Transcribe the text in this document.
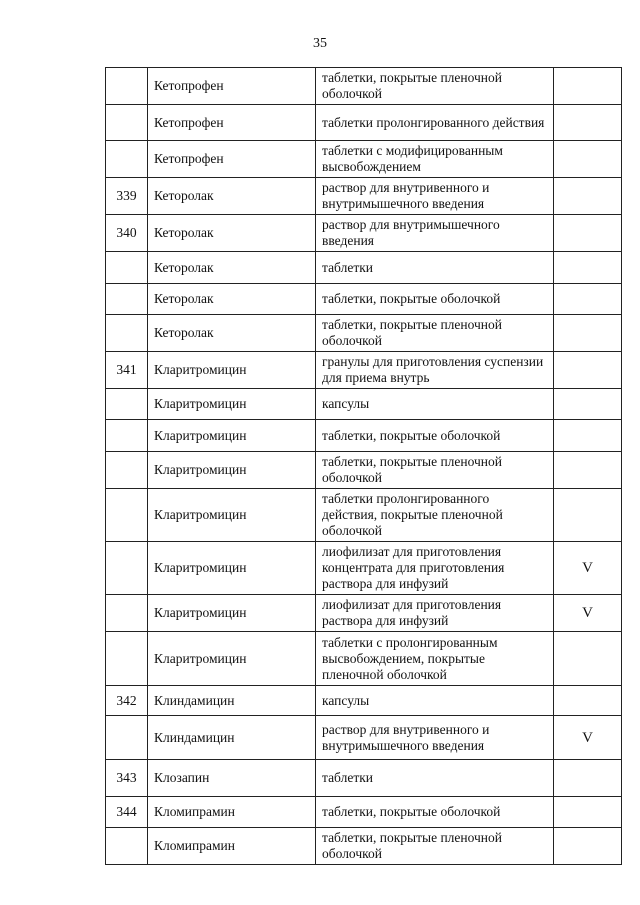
35
	Кетопрофен	таблетки, покрытые пленочной оболочкой	
	Кетопрофен	таблетки пролонгированного действия	
	Кетопрофен	таблетки с модифицированным высвобождением	
339	Кеторолак	раствор для внутривенного и внутримышечного введения	
340	Кеторолак	раствор для внутримышечного введения	
	Кеторолак	таблетки	
	Кеторолак	таблетки, покрытые оболочкой	
	Кеторолак	таблетки, покрытые пленочной оболочкой	
341	Кларитромицин	гранулы для приготовления суспензии для приема внутрь	
	Кларитромицин	капсулы	
	Кларитромицин	таблетки, покрытые оболочкой	
	Кларитромицин	таблетки, покрытые пленочной оболочкой	
	Кларитромицин	таблетки пролонгированного действия, покрытые пленочной оболочкой	
	Кларитромицин	лиофилизат для приготовления концентрата для приготовления раствора для инфузий	V
	Кларитромицин	лиофилизат для приготовления раствора для инфузий	V
	Кларитромицин	таблетки с пролонгированным высвобождением, покрытые пленочной оболочкой	
342	Клиндамицин	капсулы	
	Клиндамицин	раствор для внутривенного и внутримышечного введения	V
343	Клозапин	таблетки	
344	Кломипрамин	таблетки, покрытые оболочкой	
	Кломипрамин	таблетки, покрытые пленочной оболочкой	
